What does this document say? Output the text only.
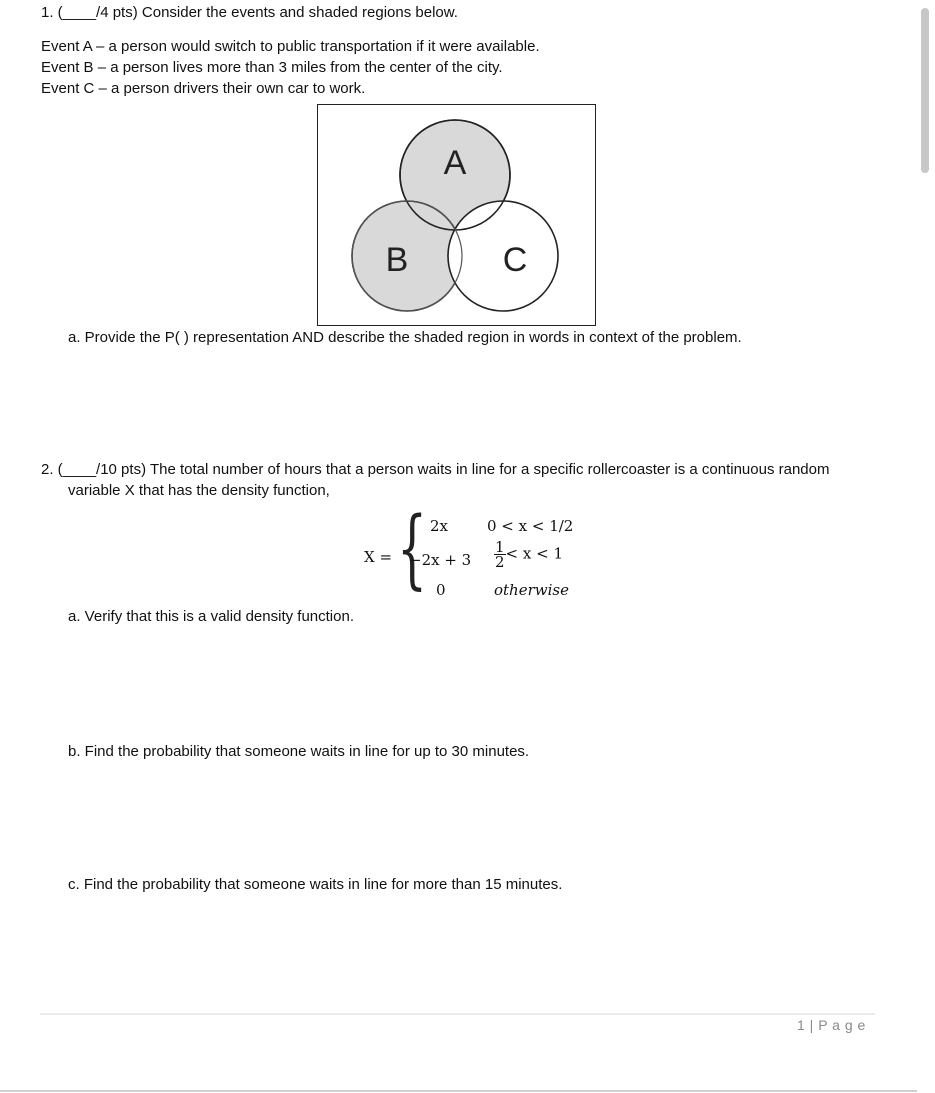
1. (____/4 pts) Consider the events and shaded regions below.
Event A – a person would switch to public transportation if it were available.
Event B – a person lives more than 3 miles from the center of the city.
Event C – a person drivers their own car to work.
A
B	C
a. Provide the P( ) representation AND describe the shaded region in words in context of the problem.
2. (____/10 pts) The total number of hours that a person waits in line for a specific rollercoaster is a continuous random
variable X that has the density function,
X = { 2x	0 < x < 1/2
$-2x + 3 \frac{1}{2} < x < 1$
0	otherwise
a. Verify that this is a valid density function.
b. Find the probability that someone waits in line for up to 30 minutes.
c. Find the probability that someone waits in line for more than 15 minutes.
1 | P a g e
